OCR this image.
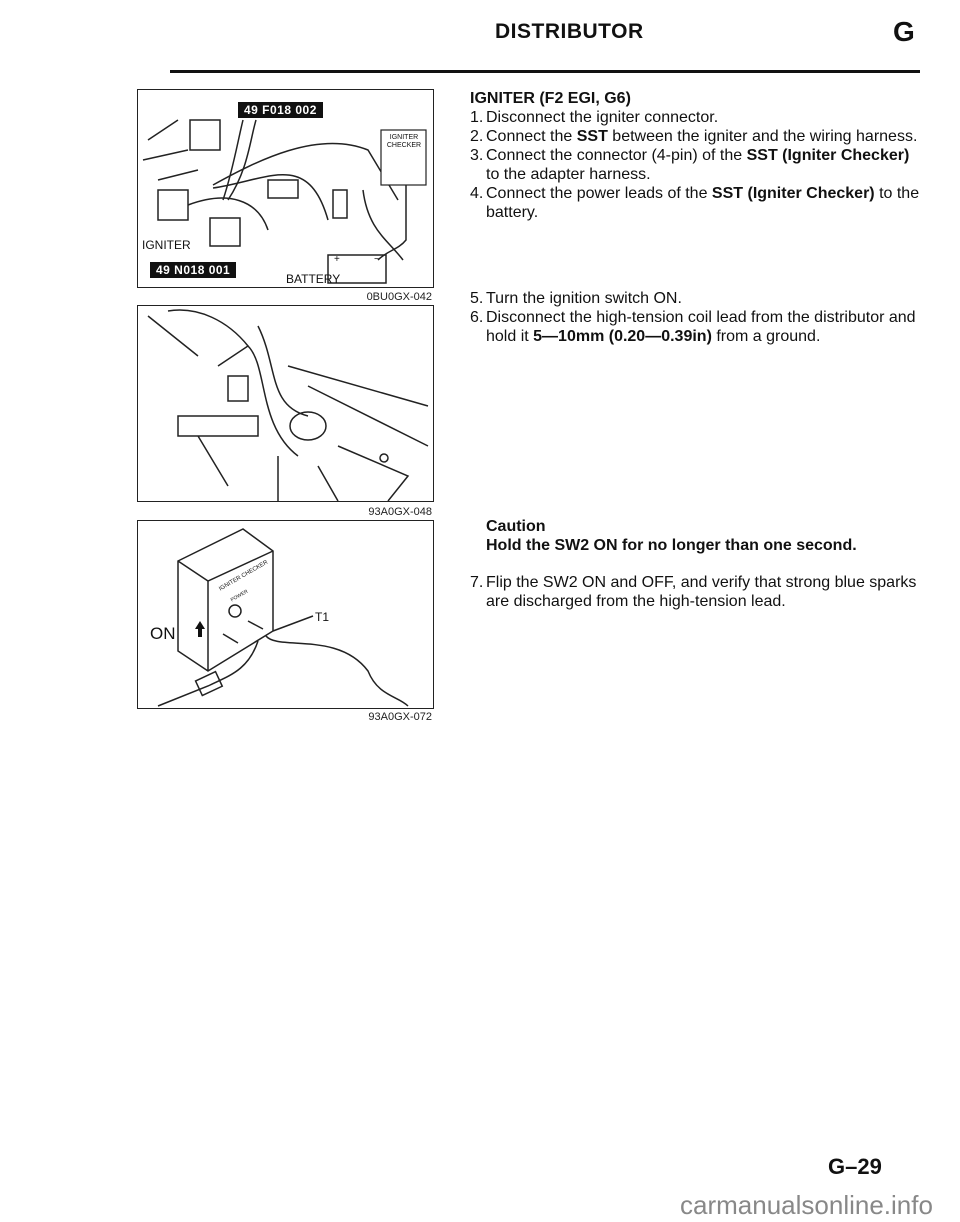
DISTRIBUTOR	G
49 F018 002
49 N018 001
IGNITER
BATTERY
IGNITER
CHECKER
+	−
0BU0GX-042
93A0GX-048
ON
T1
IGNITER CHECKER
POWER
93A0GX-072
IGNITER (F2 EGI, G6)
1. Disconnect the igniter connector.
2. Connect the SST between the igniter and the wiring harness.
3. Connect the connector (4-pin) of the SST (Igniter Checker) to the adapter harness.
4. Connect the power leads of the SST (Igniter Checker) to the battery.
5. Turn the ignition switch ON.
6. Disconnect the high-tension coil lead from the distributor and hold it 5—10mm (0.20—0.39in) from a ground.
Caution
Hold the SW2 ON for no longer than one second.
7. Flip the SW2 ON and OFF, and verify that strong blue sparks are discharged from the high-tension lead.
G–29
carmanualsonline.info
